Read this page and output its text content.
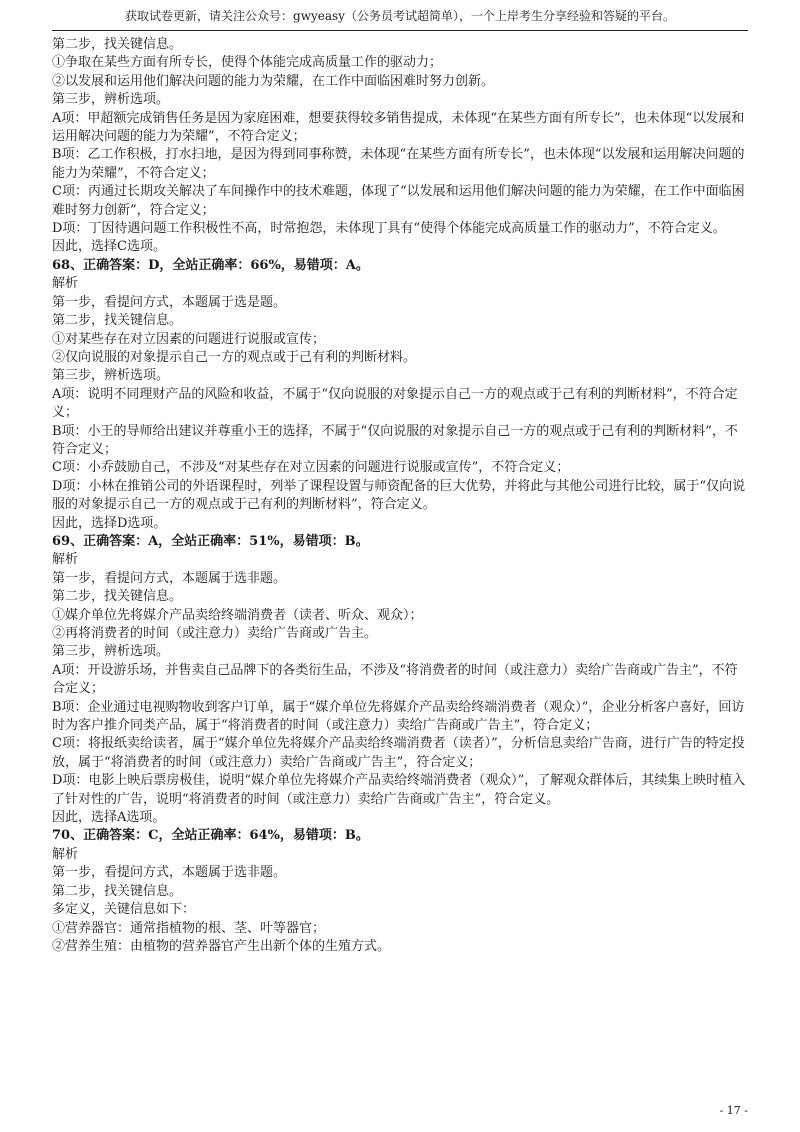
获取试卷更新，请关注公众号：gwyeasy（公务员考试超简单），一个上岸考生分享经验和答疑的平台。

第二步，找关键信息。

①争取在某些方面有所专长，使得个体能完成高质量工作的驱动力；

②以发展和运用他们解决问题的能力为荣耀，在工作中面临困难时努力创新。

第三步，辨析选项。

A项：甲超额完成销售任务是因为家庭困难，想要获得较多销售提成，未体现“在某些方面有所专长”，也未体现“以发展和运用解决问题的能力为荣耀”，不符合定义；

B项：乙工作积极，打水扫地，是因为得到同事称赞，未体现“在某些方面有所专长”，也未体现“以发展和运用解决问题的能力为荣耀”，不符合定义；

C项：丙通过长期攻关解决了车间操作中的技术难题，体现了“以发展和运用他们解决问题的能力为荣耀，在工作中面临困难时努力创新”，符合定义；

D项：丁因待遇问题工作积极性不高，时常抱怨，未体现丁具有“使得个体能完成高质量工作的驱动力”，不符合定义。

因此，选择C选项。

68、正确答案：D，全站正确率：66%，易错项：A。

解析

第一步，看提问方式，本题属于选是题。

第二步，找关键信息。

①对某些存在对立因素的问题进行说服或宣传；

②仅向说服的对象提示自己一方的观点或于己有利的判断材料。

第三步，辨析选项。

A项：说明不同理财产品的风险和收益，不属于“仅向说服的对象提示自己一方的观点或于己有利的判断材料”，不符合定义；

B项：小王的导师给出建议并尊重小王的选择，不属于“仅向说服的对象提示自己一方的观点或于己有利的判断材料”，不符合定义；

C项：小乔鼓励自己，不涉及“对某些存在对立因素的问题进行说服或宣传”，不符合定义；

D项：小林在推销公司的外语课程时，列举了课程设置与师资配备的巨大优势，并将此与其他公司进行比较，属于“仅向说服的对象提示自己一方的观点或于己有利的判断材料”，符合定义。

因此，选择D选项。

69、正确答案：A，全站正确率：51%，易错项：B。

解析

第一步，看提问方式，本题属于选非题。

第二步，找关键信息。

①媒介单位先将媒介产品卖给终端消费者（读者、听众、观众）；

②再将消费者的时间（或注意力）卖给广告商或广告主。

第三步，辨析选项。

A项：开设游乐场，并售卖自己品牌下的各类衍生品，不涉及“将消费者的时间（或注意力）卖给广告商或广告主”，不符合定义；

B项：企业通过电视购物收到客户订单，属于“媒介单位先将媒介产品卖给终端消费者（观众）”，企业分析客户喜好，回访时为客户推介同类产品，属于“将消费者的时间（或注意力）卖给广告商或广告主”，符合定义；

C项：将报纸卖给读者，属于“媒介单位先将媒介产品卖给终端消费者（读者）”，分析信息卖给广告商，进行广告的特定投放，属于“将消费者的时间（或注意力）卖给广告商或广告主”，符合定义；

D项：电影上映后票房极佳，说明“媒介单位先将媒介产品卖给终端消费者（观众）”，了解观众群体后，其续集上映时植入了针对性的广告，说明“将消费者的时间（或注意力）卖给广告商或广告主”，符合定义。

因此，选择A选项。

70、正确答案：C，全站正确率：64%，易错项：B。

解析

第一步，看提问方式，本题属于选非题。

第二步，找关键信息。

多定义，关键信息如下：

①营养器官：通常指植物的根、茎、叶等器官；

②营养生殖：由植物的营养器官产生出新个体的生殖方式。

- 17 -
